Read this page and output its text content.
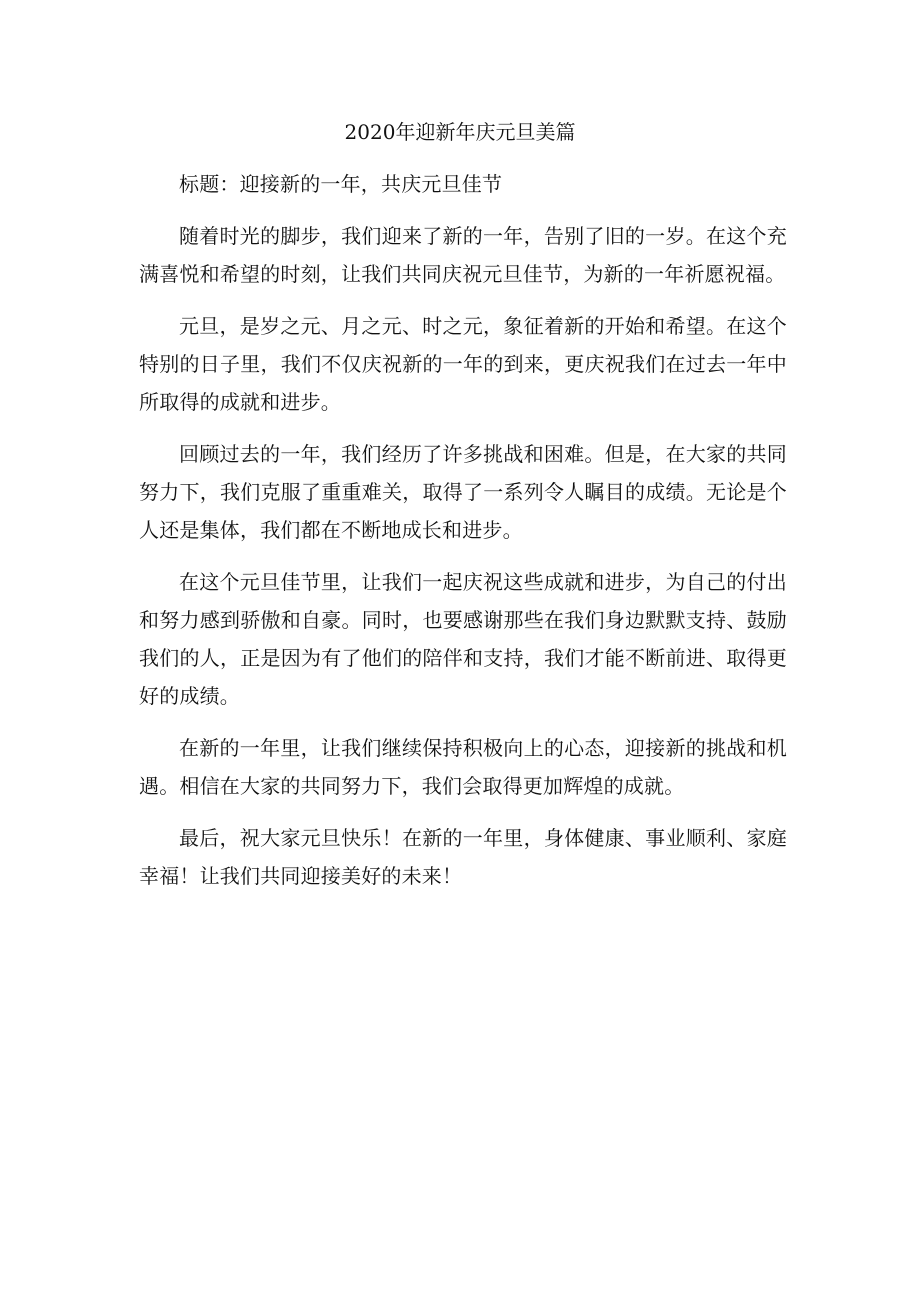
2020年迎新年庆元旦美篇

标题：迎接新的一年，共庆元旦佳节

随着时光的脚步，我们迎来了新的一年，告别了旧的一岁。在这个充满喜悦和希望的时刻，让我们共同庆祝元旦佳节，为新的一年祈愿祝福。

元旦，是岁之元、月之元、时之元，象征着新的开始和希望。在这个特别的日子里，我们不仅庆祝新的一年的到来，更庆祝我们在过去一年中所取得的成就和进步。

回顾过去的一年，我们经历了许多挑战和困难。但是，在大家的共同努力下，我们克服了重重难关，取得了一系列令人瞩目的成绩。无论是个人还是集体，我们都在不断地成长和进步。

在这个元旦佳节里，让我们一起庆祝这些成就和进步，为自己的付出和努力感到骄傲和自豪。同时，也要感谢那些在我们身边默默支持、鼓励我们的人，正是因为有了他们的陪伴和支持，我们才能不断前进、取得更好的成绩。

在新的一年里，让我们继续保持积极向上的心态，迎接新的挑战和机遇。相信在大家的共同努力下，我们会取得更加辉煌的成就。

最后，祝大家元旦快乐！在新的一年里，身体健康、事业顺利、家庭幸福！让我们共同迎接美好的未来！
